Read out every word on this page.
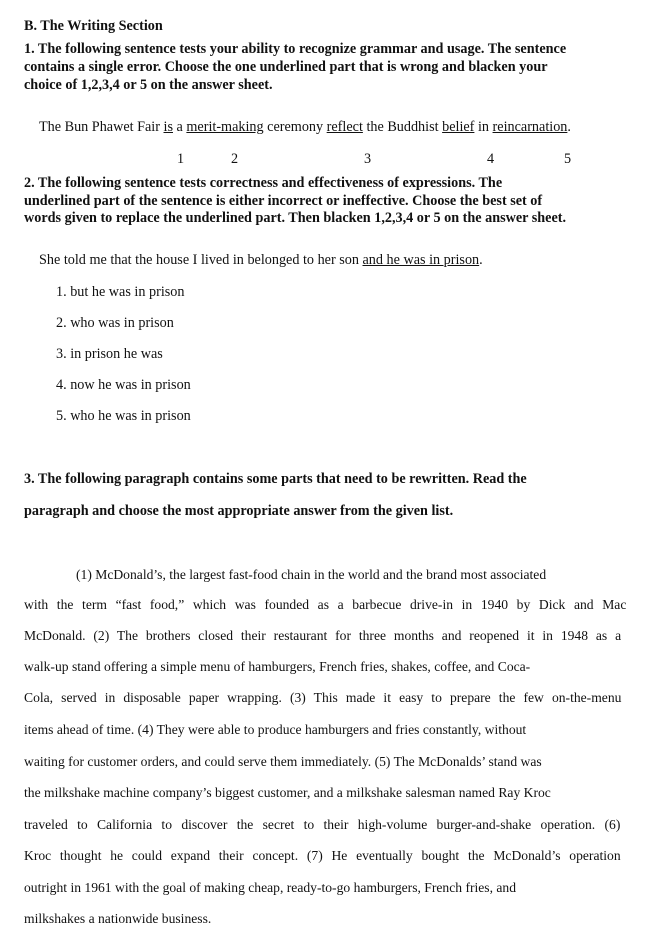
B. The Writing Section
1. The following sentence tests your ability to recognize grammar and usage. The sentence
contains a single error. Choose the one underlined part that is wrong and blacken your
choice of 1,2,3,4 or 5 on the answer sheet.
The Bun Phawet Fair is a merit-making ceremony reflect the Buddhist belief in reincarnation.
1	2	3	4	5
2. The following sentence tests correctness and effectiveness of expressions. The
underlined part of the sentence is either incorrect or ineffective. Choose the best set of
words given to replace the underlined part. Then blacken 1,2,3,4 or 5 on the answer sheet.
She told me that the house I lived in belonged to her son and he was in prison.
1. but he was in prison
2. who was in prison
3. in prison he was
4. now he was in prison
5. who he was in prison
3. The following paragraph contains some parts that need to be rewritten. Read the
paragraph and choose the most appropriate answer from the given list.
(1) McDonald’s, the largest fast-food chain in the world and the brand most associated
with the term “fast food,” which was founded as a barbecue drive-in in 1940 by Dick and Mac
McDonald. (2) The brothers closed their restaurant for three months and reopened it in 1948 as a
walk-up stand offering a simple menu of hamburgers, French fries, shakes, coffee, and Coca-
Cola, served in disposable paper wrapping. (3) This made it easy to prepare the few on-the-menu
items ahead of time. (4) They were able to produce hamburgers and fries constantly, without
waiting for customer orders, and could serve them immediately. (5) The McDonalds’ stand was
the milkshake machine company’s biggest customer, and a milkshake salesman named Ray Kroc
traveled to California to discover the secret to their high-volume burger-and-shake operation. (6)
Kroc thought he could expand their concept. (7) He eventually bought the McDonald’s operation
outright in 1961 with the goal of making cheap, ready-to-go hamburgers, French fries, and
milkshakes a nationwide business.
